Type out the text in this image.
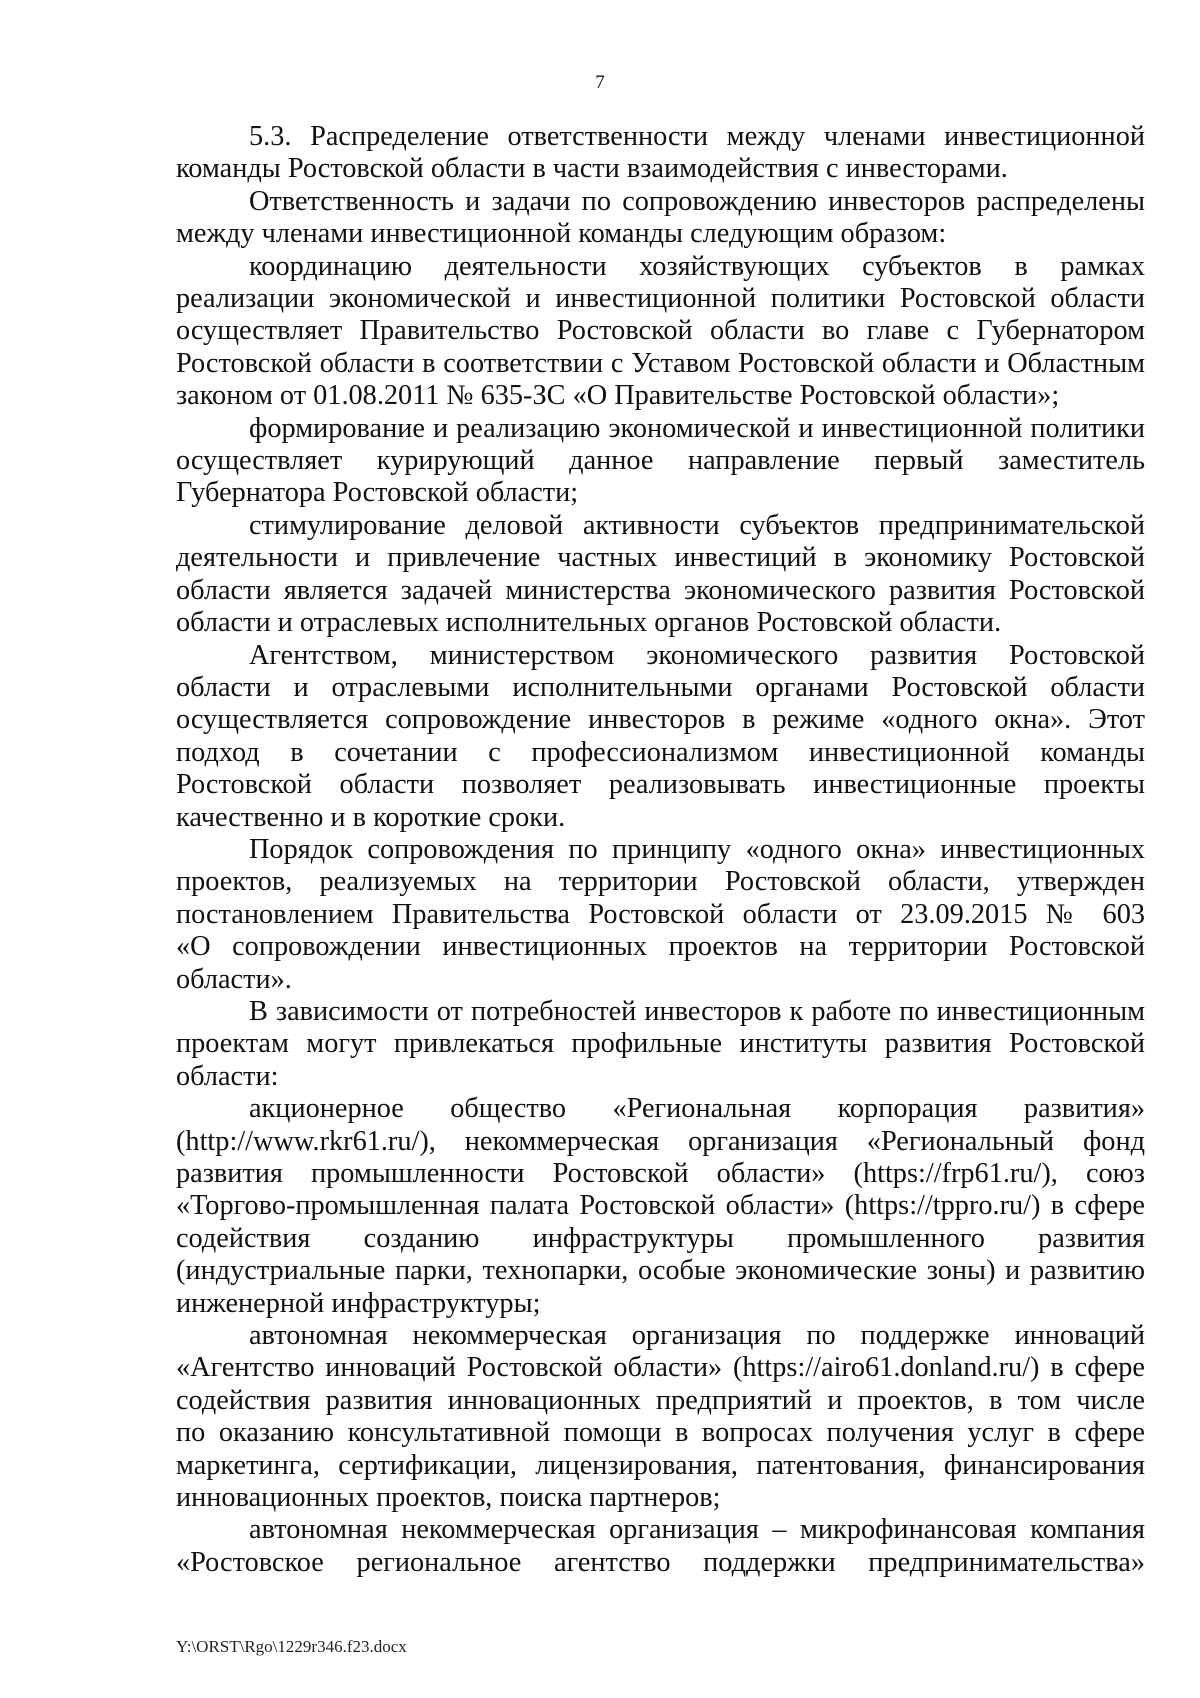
7
5.3. Распределение ответственности между членами инвестиционной
команды Ростовской области в части взаимодействия с инвесторами.
Ответственность и задачи по сопровождению инвесторов распределены
между членами инвестиционной команды следующим образом:
координацию деятельности хозяйствующих субъектов в рамках
реализации экономической и инвестиционной политики Ростовской области
осуществляет Правительство Ростовской области во главе с Губернатором
Ростовской области в соответствии с Уставом Ростовской области и Областным
законом от 01.08.2011 № 635-ЗС «О Правительстве Ростовской области»;
формирование и реализацию экономической и инвестиционной политики
осуществляет курирующий данное направление первый заместитель
Губернатора Ростовской области;
стимулирование деловой активности субъектов предпринимательской
деятельности и привлечение частных инвестиций в экономику Ростовской
области является задачей министерства экономического развития Ростовской
области и отраслевых исполнительных органов Ростовской области.
Агентством, министерством экономического развития Ростовской
области и отраслевыми исполнительными органами Ростовской области
осуществляется сопровождение инвесторов в режиме «одного окна». Этот
подход в сочетании с профессионализмом инвестиционной команды
Ростовской области позволяет реализовывать инвестиционные проекты
качественно и в короткие сроки.
Порядок сопровождения по принципу «одного окна» инвестиционных
проектов, реализуемых на территории Ростовской области, утвержден
постановлением Правительства Ростовской области от 23.09.2015 № 603
«О сопровождении инвестиционных проектов на территории Ростовской
области».
В зависимости от потребностей инвесторов к работе по инвестиционным
проектам могут привлекаться профильные институты развития Ростовской
области:
акционерное общество «Региональная корпорация развития»
(http://www.rkr61.ru/), некоммерческая организация «Региональный фонд
развития промышленности Ростовской области» (https://frp61.ru/), союз
«Торгово-промышленная палата Ростовской области» (https://tppro.ru/) в сфере
содействия созданию инфраструктуры промышленного развития
(индустриальные парки, технопарки, особые экономические зоны) и развитию
инженерной инфраструктуры;
автономная некоммерческая организация по поддержке инноваций
«Агентство инноваций Ростовской области» (https://airo61.donland.ru/) в сфере
содействия развития инновационных предприятий и проектов, в том числе
по оказанию консультативной помощи в вопросах получения услуг в сфере
маркетинга, сертификации, лицензирования, патентования, финансирования
инновационных проектов, поиска партнеров;
автономная некоммерческая организация – микрофинансовая компания
«Ростовское региональное агентство поддержки предпринимательства»
Y:\ORST\Rgo\1229r346.f23.docx
